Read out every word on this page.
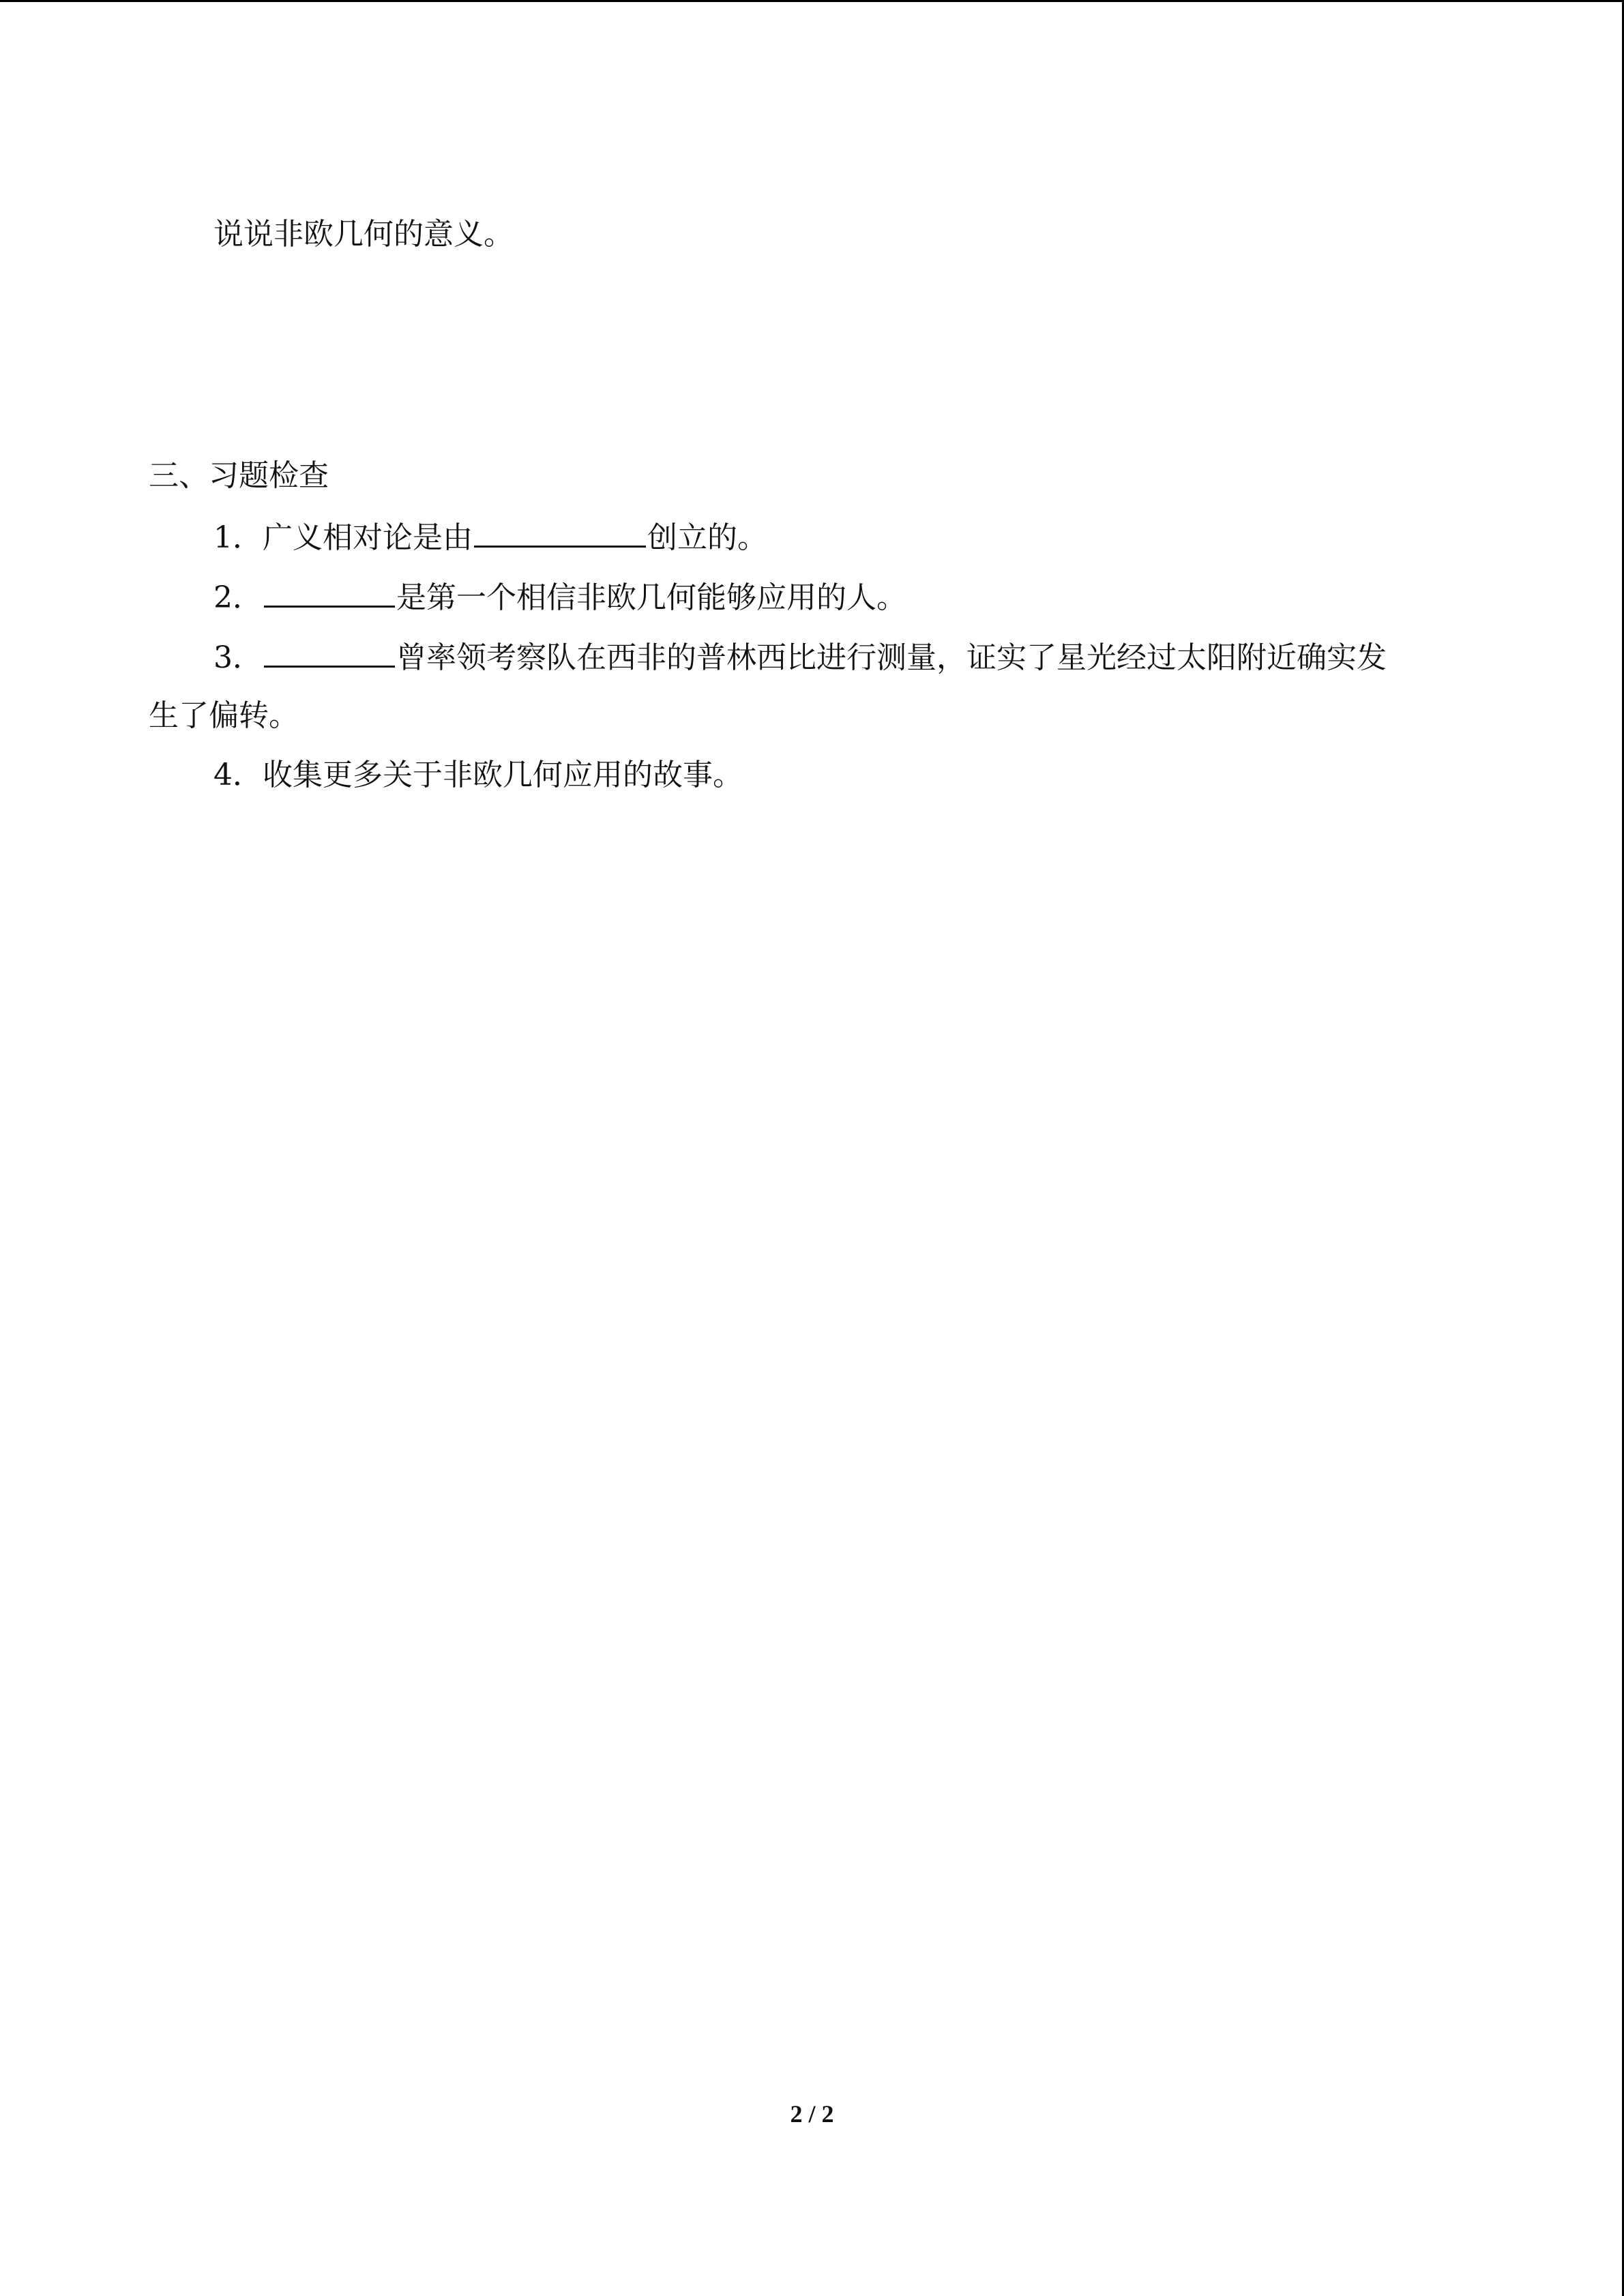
说说非欧几何的意义。
三、习题检查
1．广义相对论是由	创立的。
2．	是第一个相信非欧几何能够应用的人。
3．	曾率领考察队在西非的普林西比进行测量，证实了星光经过太阳附近确实发
生了偏转。
4．收集更多关于非欧几何应用的故事。
2 / 2
